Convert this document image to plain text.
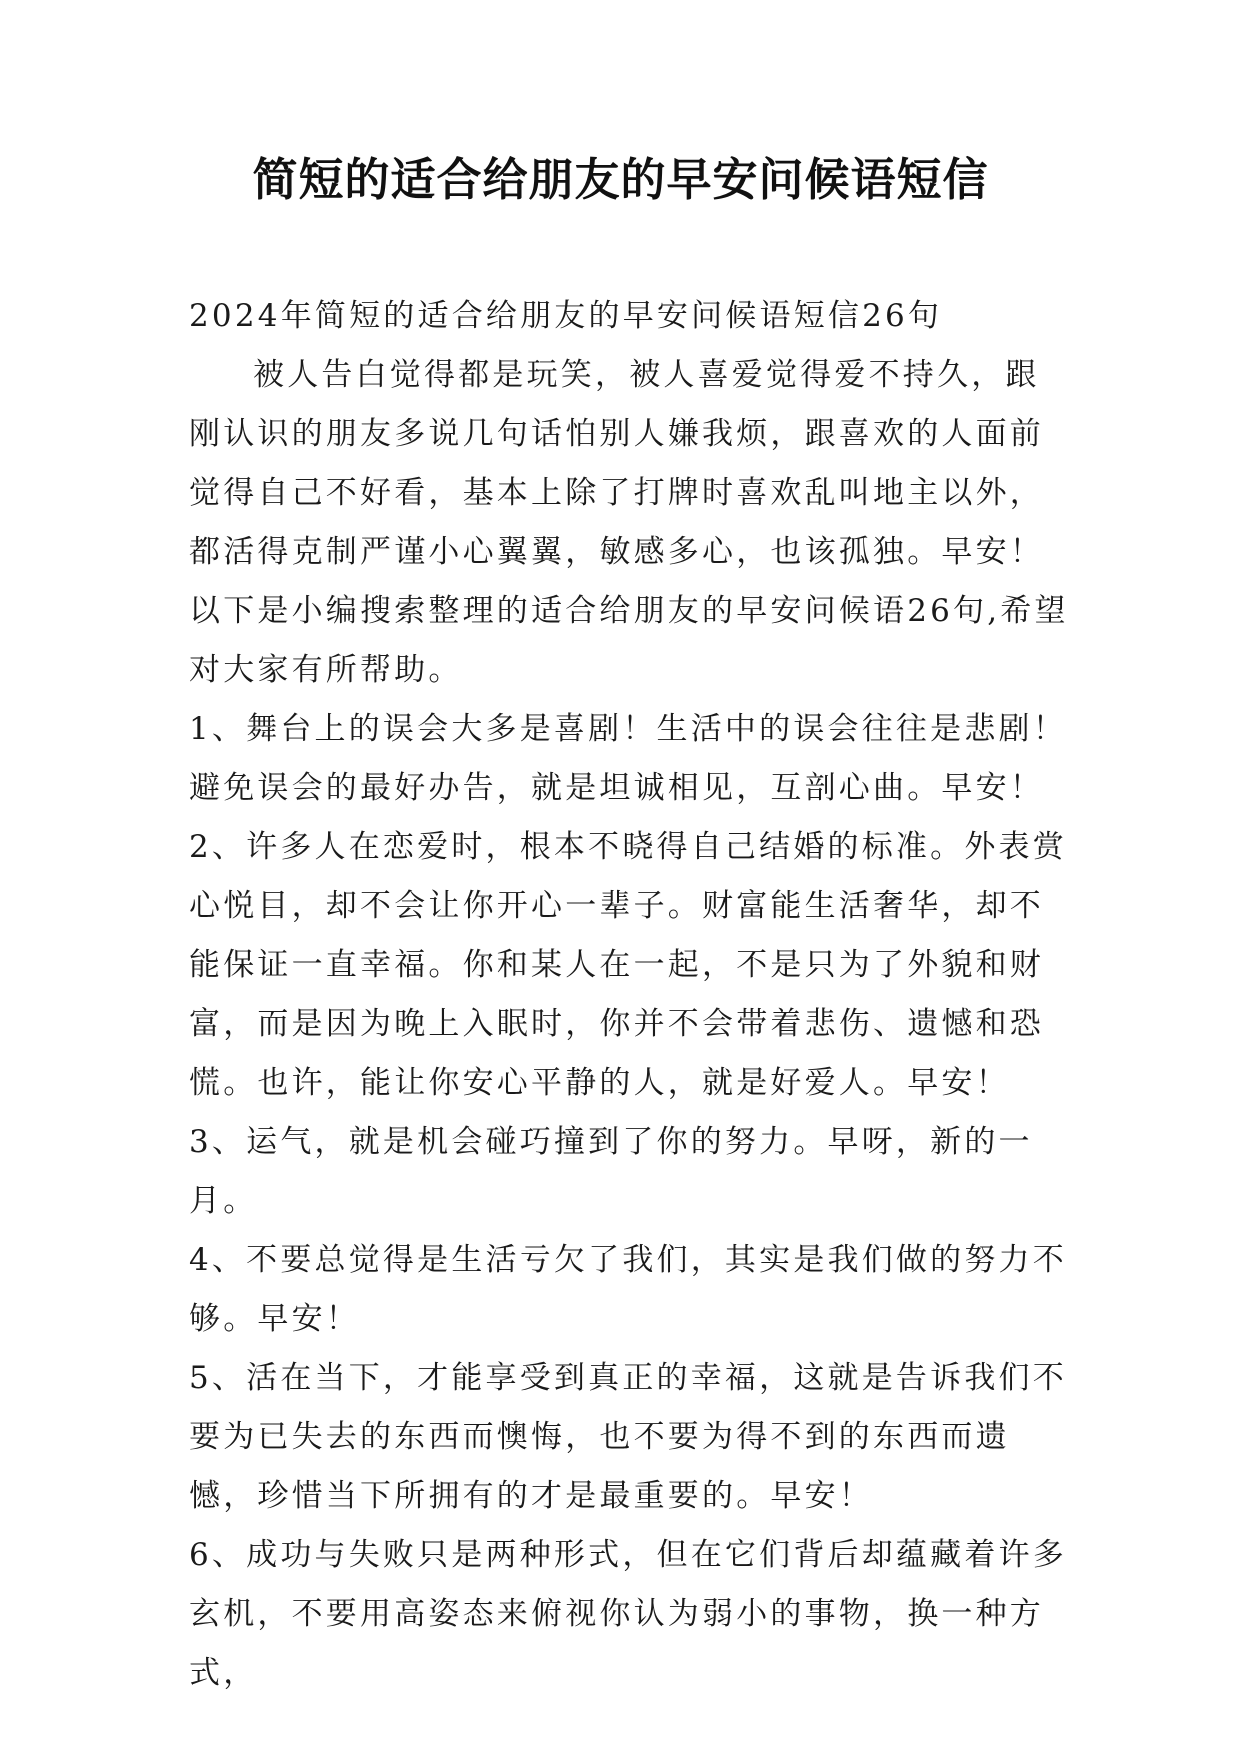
简短的适合给朋友的早安问候语短信

2024年简短的适合给朋友的早安问候语短信26句

被人告白觉得都是玩笑，被人喜爱觉得爱不持久，跟刚认识的朋友多说几句话怕别人嫌我烦，跟喜欢的人面前觉得自己不好看，基本上除了打牌时喜欢乱叫地主以外，都活得克制严谨小心翼翼，敏感多心，也该孤独。早安！以下是小编搜索整理的适合给朋友的早安问候语26句,希望对大家有所帮助。

1、舞台上的误会大多是喜剧！生活中的误会往往是悲剧！避免误会的最好办告，就是坦诚相见，互剖心曲。早安！

2、许多人在恋爱时，根本不晓得自己结婚的标准。外表赏心悦目，却不会让你开心一辈子。财富能生活奢华，却不能保证一直幸福。你和某人在一起，不是只为了外貌和财富，而是因为晚上入眠时，你并不会带着悲伤、遗憾和恐慌。也许，能让你安心平静的人，就是好爱人。早安！

3、运气，就是机会碰巧撞到了你的努力。早呀，新的一月。

4、不要总觉得是生活亏欠了我们，其实是我们做的努力不够。早安！

5、活在当下，才能享受到真正的幸福，这就是告诉我们不要为已失去的东西而懊悔，也不要为得不到的东西而遗憾，珍惜当下所拥有的才是最重要的。早安！

6、成功与失败只是两种形式，但在它们背后却蕴藏着许多玄机，不要用高姿态来俯视你认为弱小的事物，换一种方式，
